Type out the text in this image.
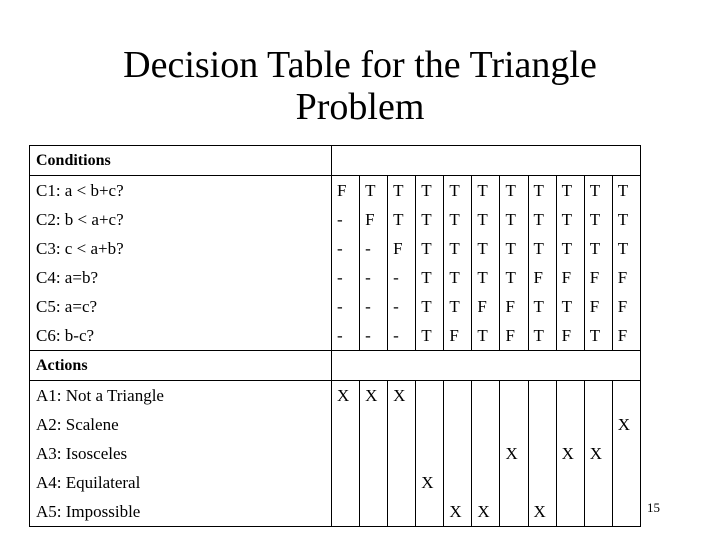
Decision Table for the Triangle
Problem
Conditions											
C1: a < b+c?	F	T	T	T	T	T	T	T	T	T	T
C2: b < a+c?	-	F	T	T	T	T	T	T	T	T	T
C3: c < a+b?	-	-	F	T	T	T	T	T	T	T	T
C4: a=b?	-	-	-	T	T	T	T	F	F	F	F
C5: a=c?	-	-	-	T	T	F	F	T	T	F	F
C6: b-c?	-	-	-	T	F	T	F	T	F	T	F
Actions											
A1: Not a Triangle	X	X	X								
A2: Scalene											X
A3: Isosceles							X		X	X	
A4: Equilateral				X							
A5: Impossible					X	X		X				15
